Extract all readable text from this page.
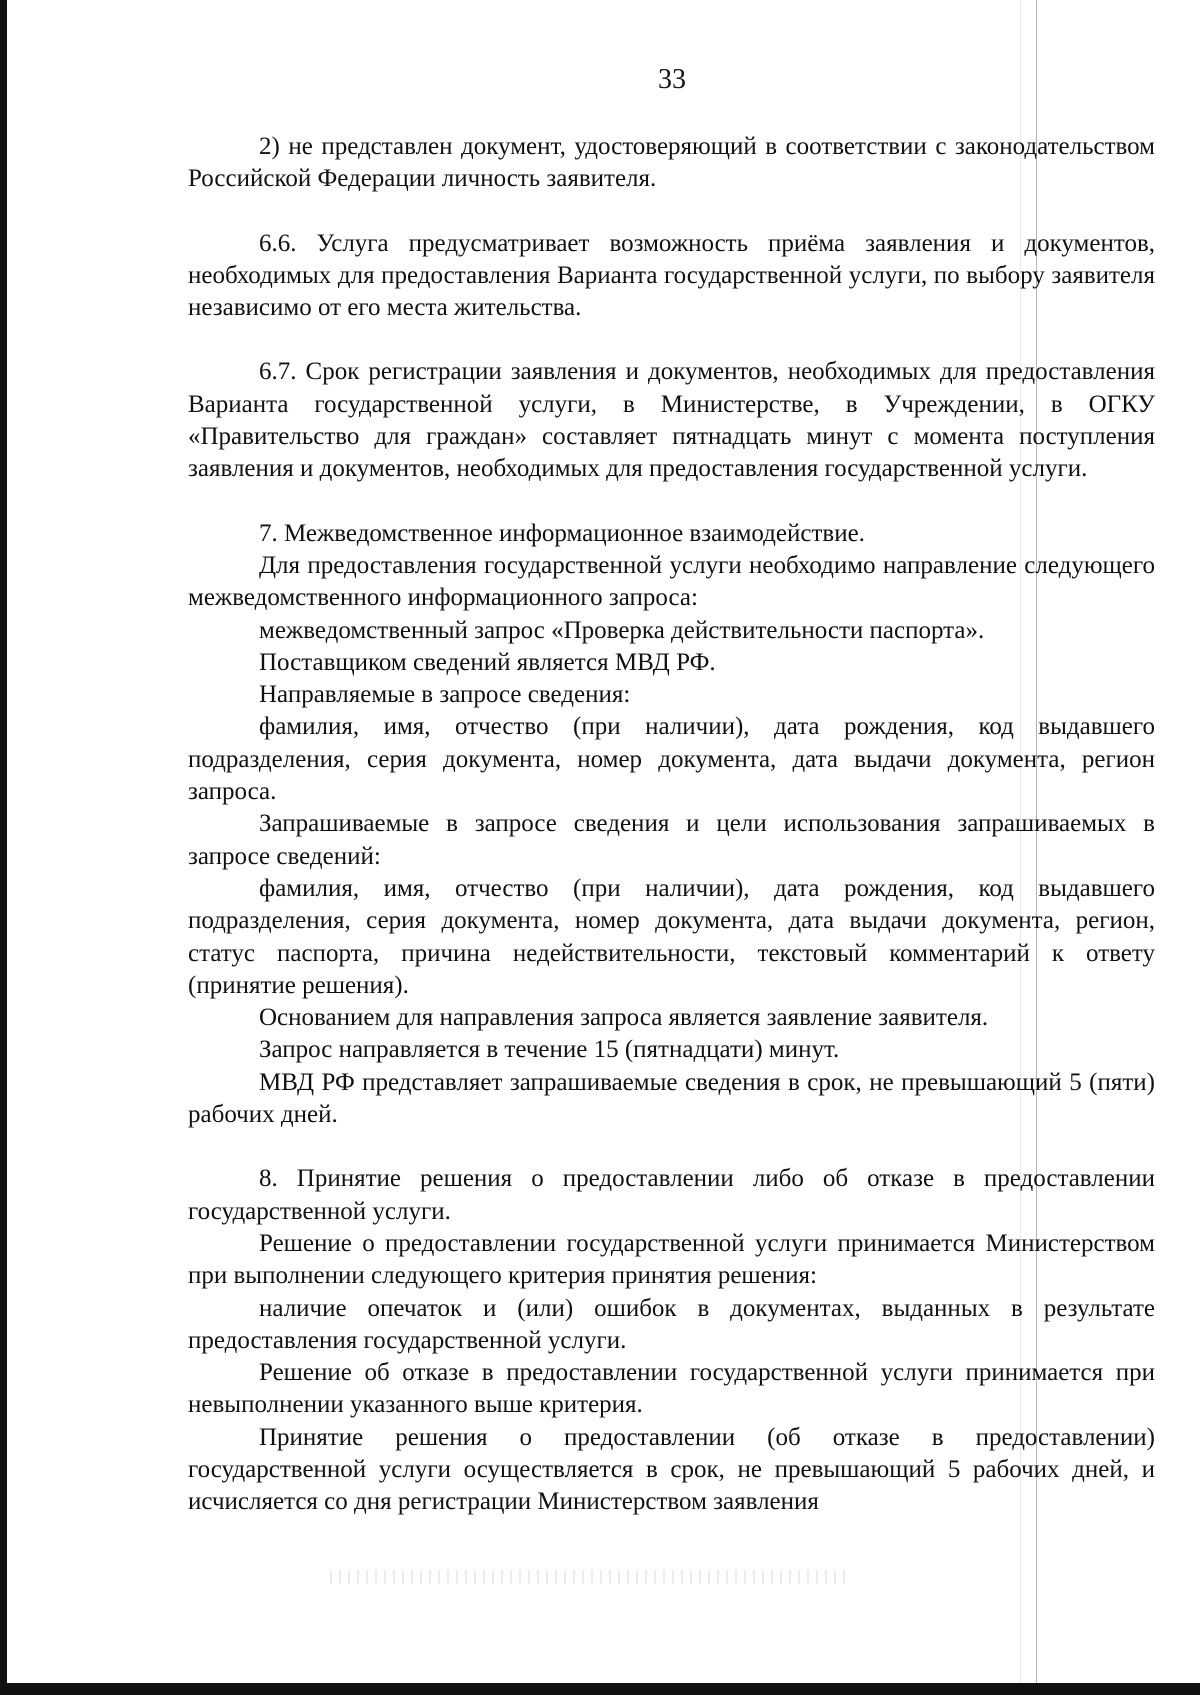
33

2) не представлен документ, удостоверяющий в соответствии с законодательством Российской Федерации личность заявителя.

6.6. Услуга предусматривает возможность приёма заявления и документов, необходимых для предоставления Варианта государственной услуги, по выбору заявителя независимо от его места жительства.

6.7. Срок регистрации заявления и документов, необходимых для предоставления Варианта государственной услуги, в Министерстве, в Учреждении, в ОГКУ «Правительство для граждан» составляет пятнадцать минут с момента поступления заявления и документов, необходимых для предоставления государственной услуги.

7. Межведомственное информационное взаимодействие.

Для предоставления государственной услуги необходимо направление следующего межведомственного информационного запроса:

межведомственный запрос «Проверка действительности паспорта».

Поставщиком сведений является МВД РФ.

Направляемые в запросе сведения:

фамилия, имя, отчество (при наличии), дата рождения, код выдавшего подразделения, серия документа, номер документа, дата выдачи документа, регион запроса.

Запрашиваемые в запросе сведения и цели использования запрашиваемых в запросе сведений:

фамилия, имя, отчество (при наличии), дата рождения, код выдавшего подразделения, серия документа, номер документа, дата выдачи документа, регион, статус паспорта, причина недействительности, текстовый комментарий к ответу (принятие решения).

Основанием для направления запроса является заявление заявителя.

Запрос направляется в течение 15 (пятнадцати) минут.

МВД РФ представляет запрашиваемые сведения в срок, не превышающий 5 (пяти) рабочих дней.

8. Принятие решения о предоставлении либо об отказе в предоставлении государственной услуги.

Решение о предоставлении государственной услуги принимается Министерством при выполнении следующего критерия принятия решения:

наличие опечаток и (или) ошибок в документах, выданных в результате предоставления государственной услуги.

Решение об отказе в предоставлении государственной услуги принимается при невыполнении указанного выше критерия.

Принятие решения о предоставлении (об отказе в предоставлении) государственной услуги осуществляется в срок, не превышающий 5 рабочих дней, и исчисляется со дня регистрации Министерством заявления
